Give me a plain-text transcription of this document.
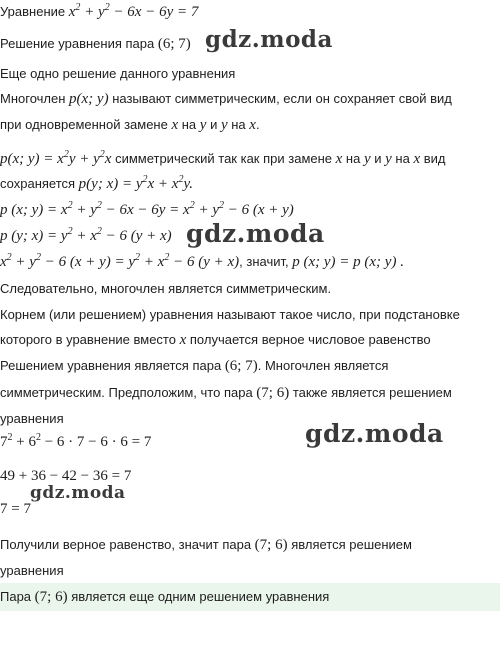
Уравнение $x^2 + y^2 - 6x - 6y = 7$
Решение уравнения пара (6; 7) gdz.moda
Еще одно решение данного уравнения
Многочлен p(x; y) называют симметрическим, если он сохраняет свой вид
при одновременной замене x на y и y на x.
p(x; $y) = x^2y + y^2x$ симметрический так как при замене x на y и y на x вид
сохраняется p(y; $x) = y^2x + x^2y$.
p (x; $y) = x^2 + y^2 - 6x - 6y = x^2 + y^2 - 6$ (x + y)
p (y; $x) = y^2 + x^2 - 6$ (y + x) gdz.moda
$x^2 + y^2 - 6$ $(x + y) = y^2 + x^2 - 6$ (y + x), значит, p (x; y) = p (x; y) .
Следовательно, многочлен является симметрическим.
Корнем (или решением) уравнения называют такое число, при подстановке
которого в уравнение вместо x получается верное числовое равенство
Решением уравнения является пара (6; 7). Многочлен является
симметрическим. Предположим, что пара (7; 6) также является решением
уравнения
$7^2 + 6^2 - 6 \cdot 7 - 6 \cdot 6 = 7$	gdz.moda
49 + 36 − 42 − 36 = 7
7 = 7
gdz.moda
Получили верное равенство, значит пара (7; 6) является решением
уравнения
Пара (7; 6) является еще одним решением уравнения
